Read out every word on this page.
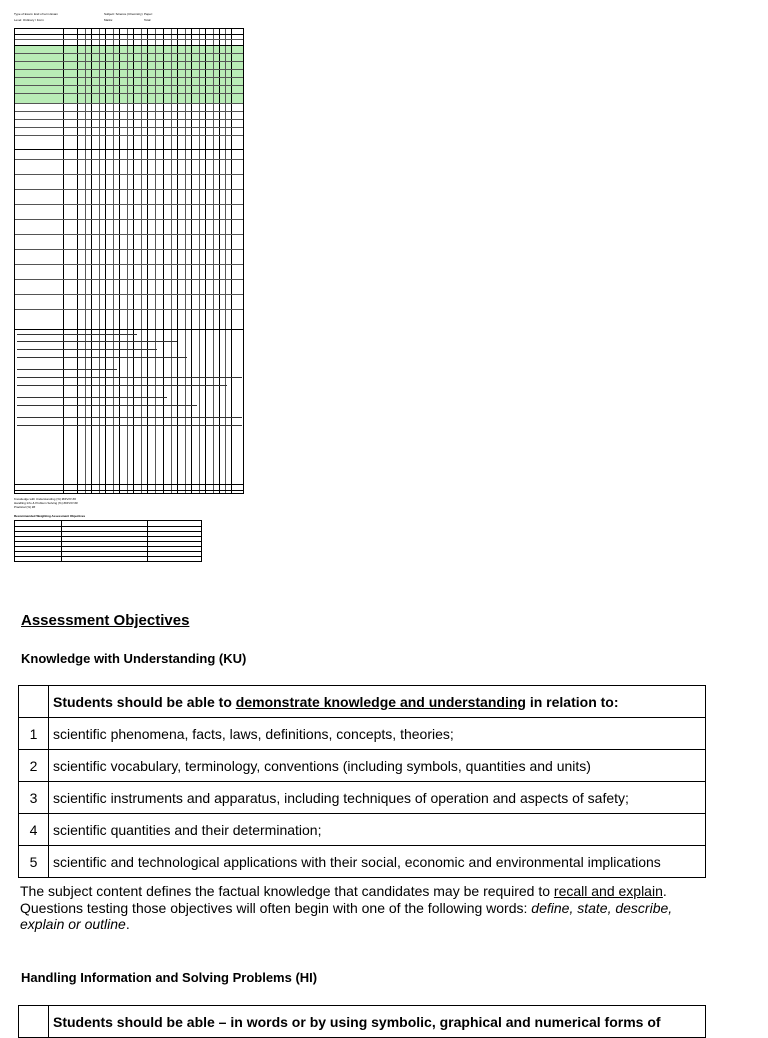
Type of Exam: End of term Exam
Level: Ordinary / Form
Subject: Science (Chemistry)
Marks:
Paper:
Total:
Knowledge with Understanding (%) #DIV/0! ##
Handling Info & Problem Solving (%) #DIV/0! ##
Practical (%) ##
Recommended Weighting Assessment Objectives
Assessment Objectives
Knowledge with Understanding (KU)
	Students should be able to demonstrate knowledge and understanding in relation to:
1	scientific phenomena, facts, laws, definitions, concepts, theories;
2	scientific vocabulary, terminology, conventions (including symbols, quantities and units)
3	scientific instruments and apparatus, including techniques of operation and aspects of safety;
4	scientific quantities and their determination;
5	scientific and technological applications with their social, economic and environmental implications
The subject content defines the factual knowledge that candidates may be required to recall and explain. Questions testing those objectives will often begin with one of the following words: define, state, describe, explain or outline.
Handling Information and Solving Problems (HI)
	Students should be able – in words or by using symbolic, graphical and numerical forms of
